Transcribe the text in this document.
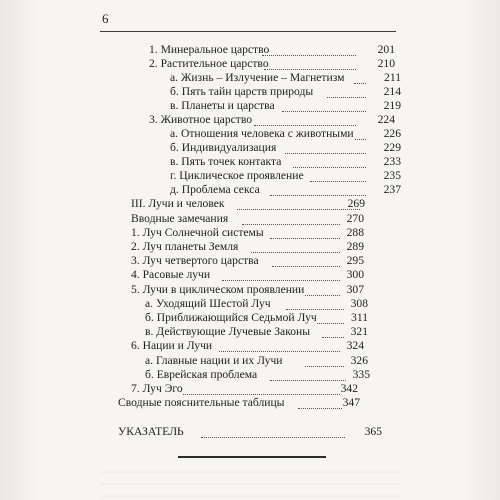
6
1. Минеральное царство	201
2. Растительное царство	210
а. Жизнь – Излучение – Магнетизм	211
б. Пять тайн царств природы	214
в. Планеты и царства	219
3. Животное царство	224
а. Отношения человека с животными	226
б. Индивидуализация	229
в. Пять точек контакта	233
г. Циклическое проявление	235
д. Проблема секса	237
III. Лучи и человек	269
Вводные замечания	270
1. Луч Солнечной системы	288
2. Луч планеты Земля	289
3. Луч четвертого царства	295
4. Расовые лучи	300
5. Лучи в циклическом проявлении	307
а. Уходящий Шестой Луч	308
б. Приближающийся Седьмой Луч	311
в. Действующие Лучевые Законы	321
6. Нации и Лучи	324
а. Главные нации и их Лучи	326
б. Еврейская проблема	335
7. Луч Эго	342
Сводные пояснительные таблицы	347
УКАЗАТЕЛЬ	365
